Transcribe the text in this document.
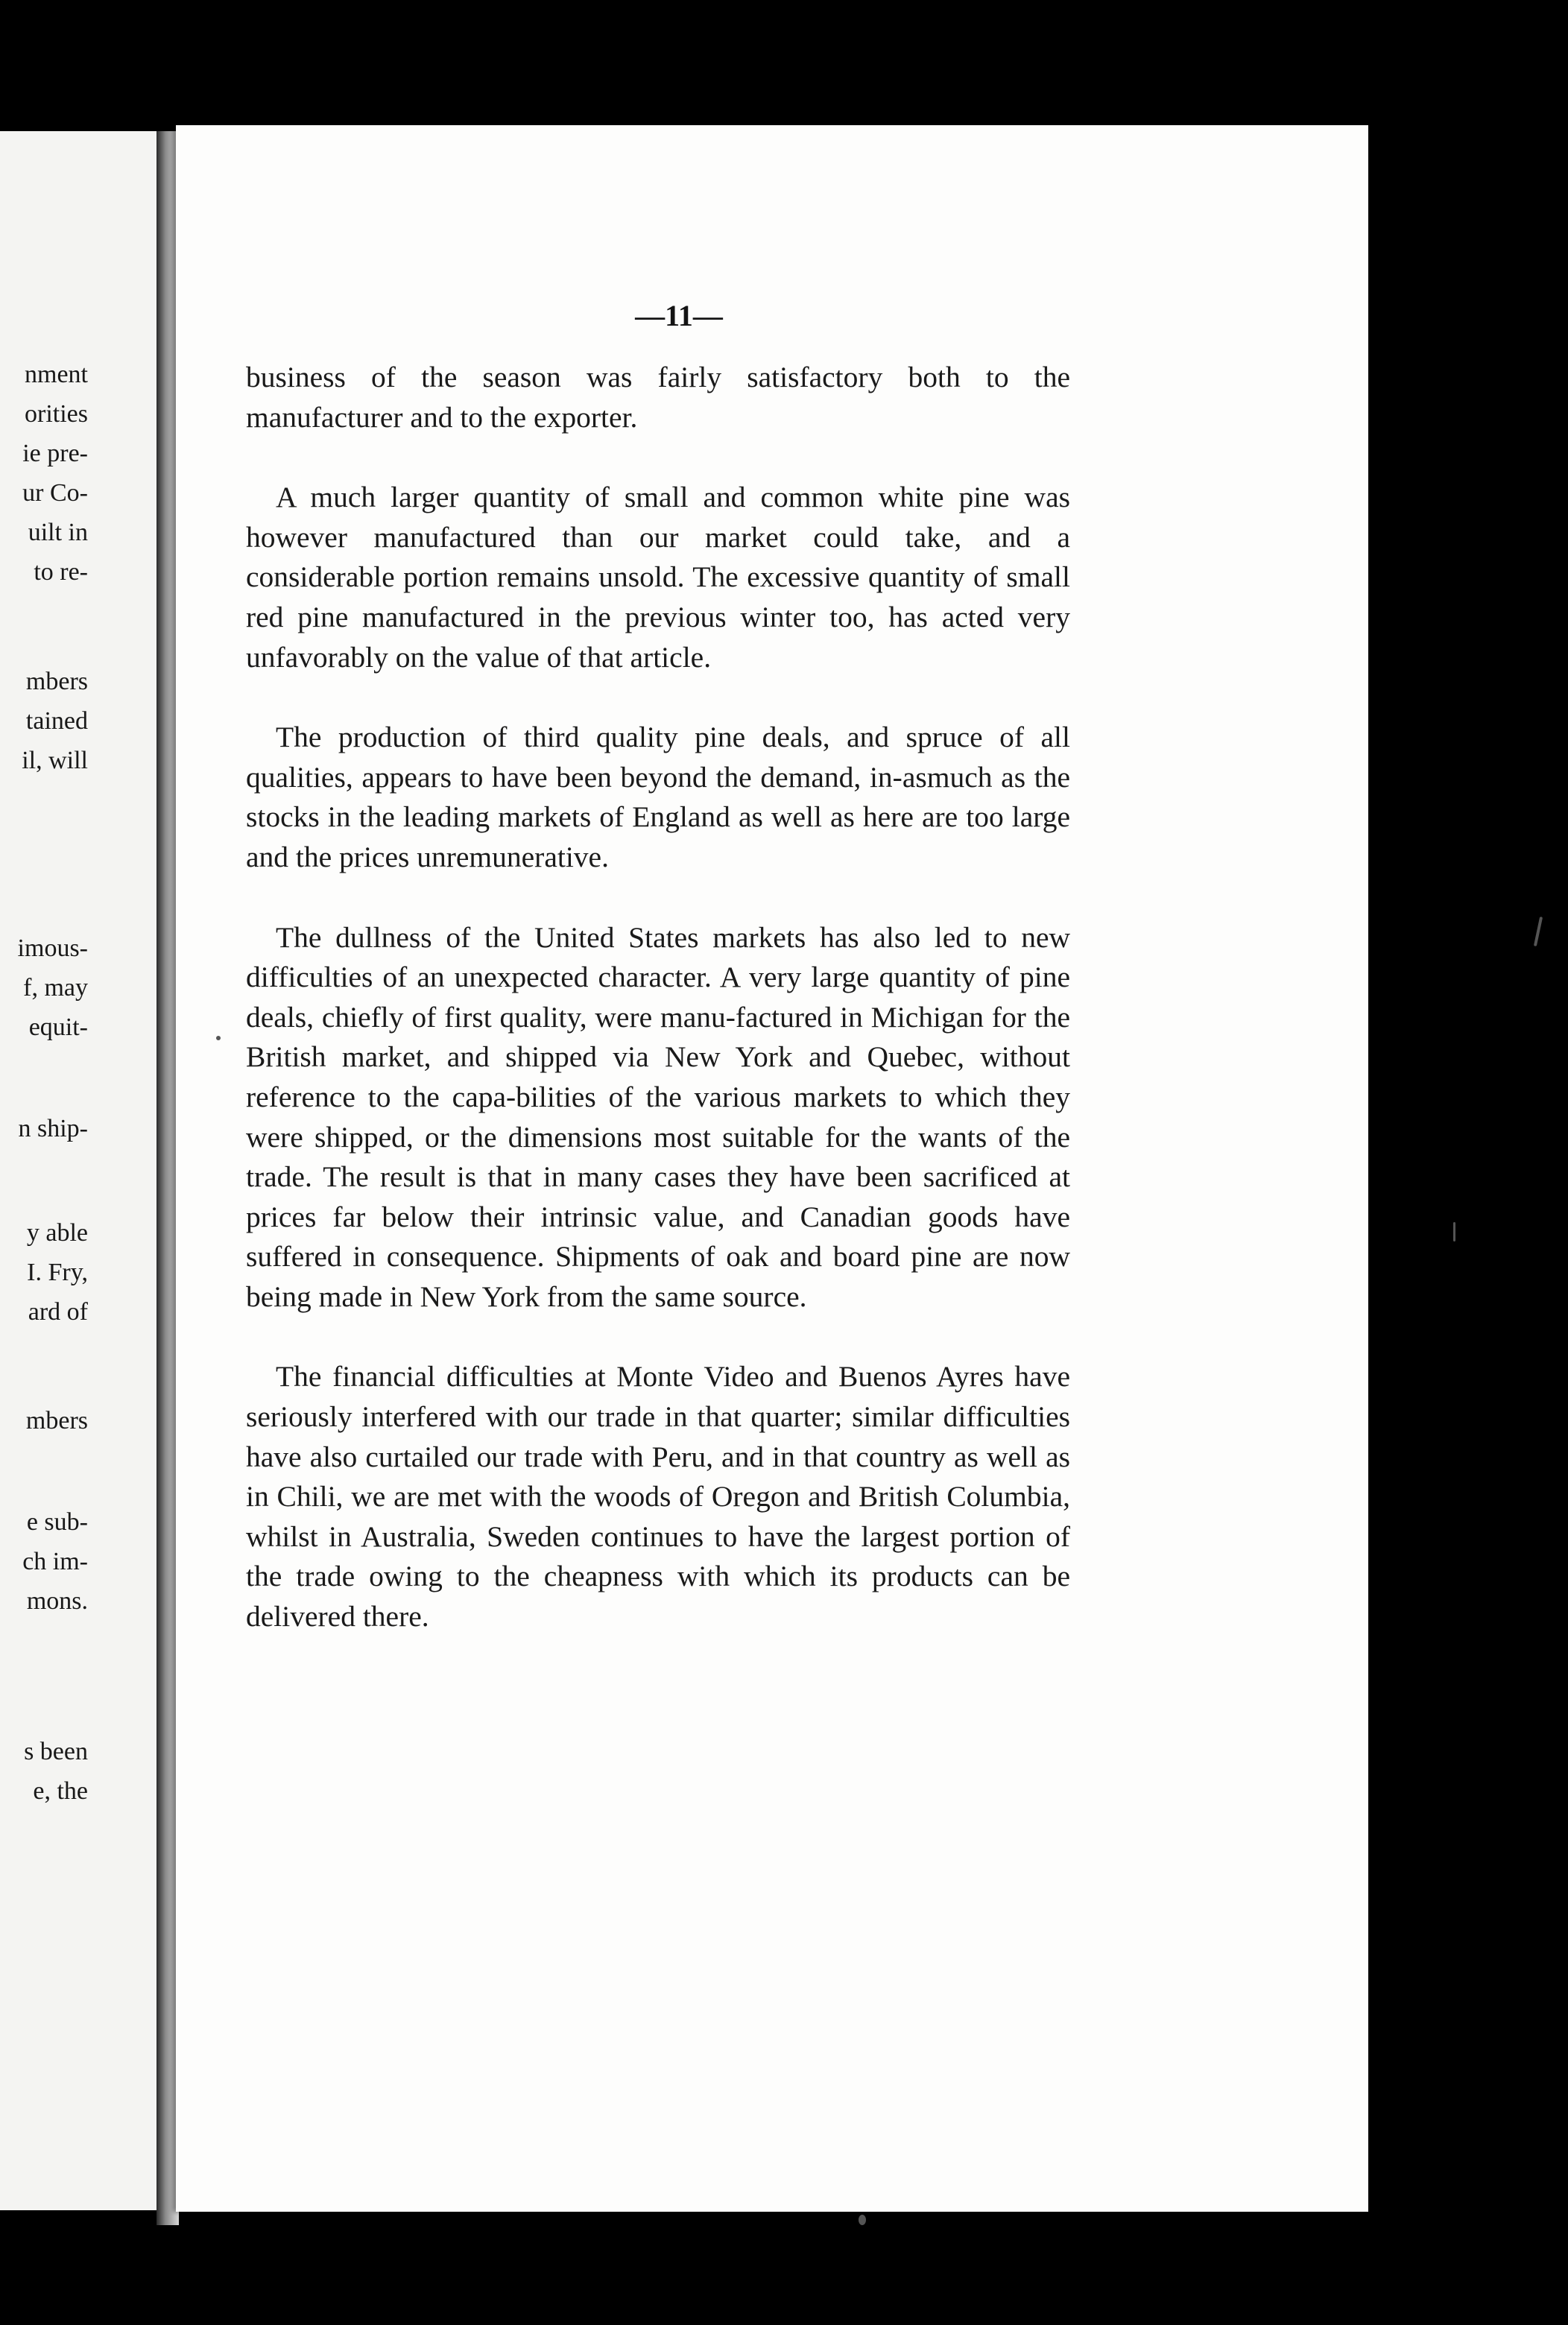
nment
orities
ie pre-
ur Co-
uilt in
to re-
mbers
tained
il, will
imous-
f, may
equit-
n ship-
y able
I. Fry,
ard of
mbers
e sub-
ch im-
mons.
s been
e, the
—11—

business of the season was fairly satisfactory both to the manufacturer and to the exporter.

A much larger quantity of small and common white pine was however manufactured than our market could take, and a considerable portion remains unsold. The excessive quantity of small red pine manufactured in the previous winter too, has acted very unfavorably on the value of that article.

The production of third quality pine deals, and spruce of all qualities, appears to have been beyond the demand, in-asmuch as the stocks in the leading markets of England as well as here are too large and the prices unremunerative.

The dullness of the United States markets has also led to new difficulties of an unexpected character. A very large quantity of pine deals, chiefly of first quality, were manu-factured in Michigan for the British market, and shipped via New York and Quebec, without reference to the capa-bilities of the various markets to which they were shipped, or the dimensions most suitable for the wants of the trade. The result is that in many cases they have been sacrificed at prices far below their intrinsic value, and Canadian goods have suffered in consequence. Shipments of oak and board pine are now being made in New York from the same source.

The financial difficulties at Monte Video and Buenos Ayres have seriously interfered with our trade in that quarter; similar difficulties have also curtailed our trade with Peru, and in that country as well as in Chili, we are met with the woods of Oregon and British Columbia, whilst in Australia, Sweden continues to have the largest portion of the trade owing to the cheapness with which its products can be delivered there.
